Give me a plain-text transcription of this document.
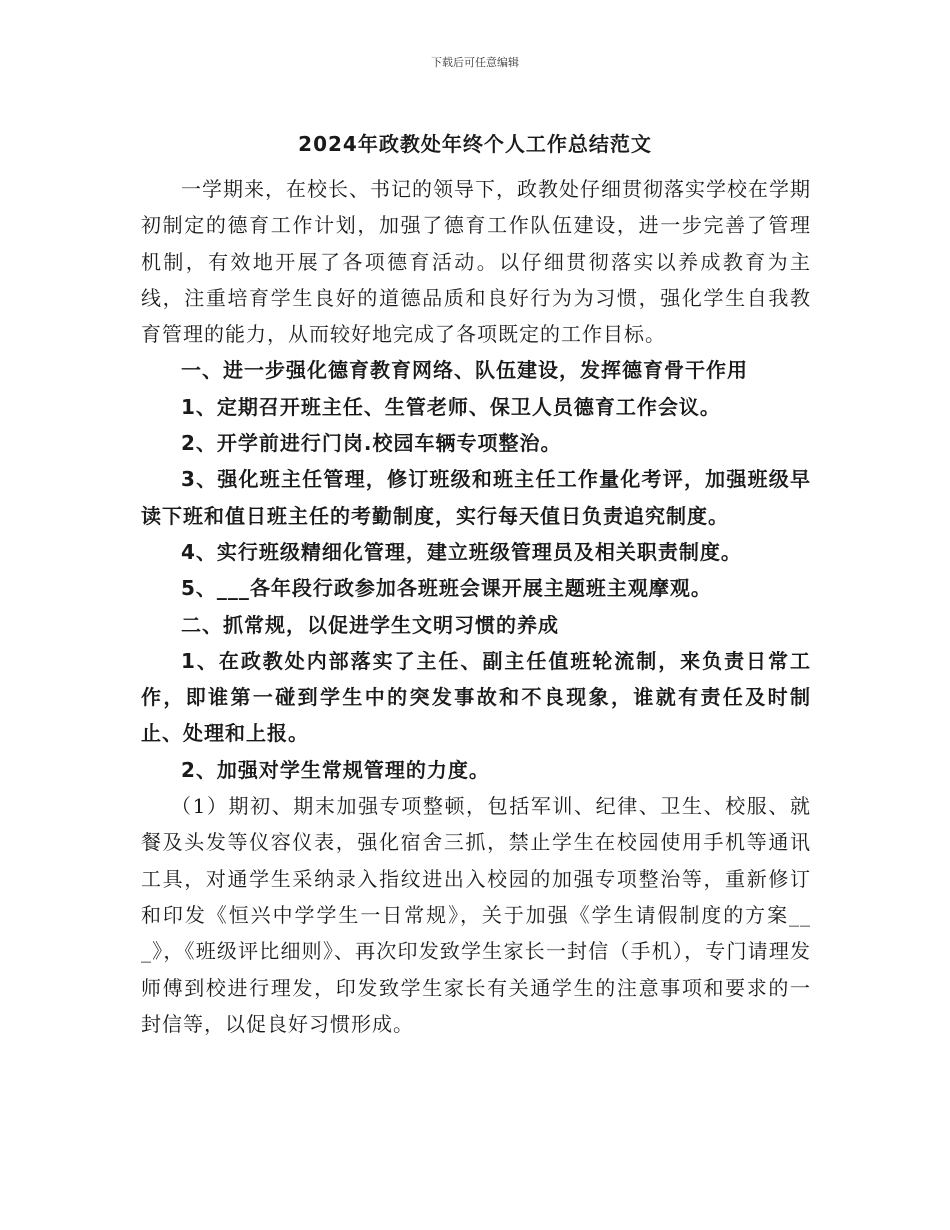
下载后可任意编辑
2024年政教处年终个人工作总结范文

一学期来，在校长、书记的领导下，政教处仔细贯彻落实学校在学期初制定的德育工作计划，加强了德育工作队伍建设，进一步完善了管理机制，有效地开展了各项德育活动。以仔细贯彻落实以养成教育为主线，注重培育学生良好的道德品质和良好行为为习惯，强化学生自我教育管理的能力，从而较好地完成了各项既定的工作目标。

一、进一步强化德育教育网络、队伍建设，发挥德育骨干作用

1、定期召开班主任、生管老师、保卫人员德育工作会议。

2、开学前进行门岗.校园车辆专项整治。

3、强化班主任管理，修订班级和班主任工作量化考评，加强班级早读下班和值日班主任的考勤制度，实行每天值日负责追究制度。

4、实行班级精细化管理，建立班级管理员及相关职责制度。

5、___各年段行政参加各班班会课开展主题班主观摩观。

二、抓常规，以促进学生文明习惯的养成

1、在政教处内部落实了主任、副主任值班轮流制，来负责日常工作，即谁第一碰到学生中的突发事故和不良现象，谁就有责任及时制止、处理和上报。

2、加强对学生常规管理的力度。

（1）期初、期末加强专项整顿，包括军训、纪律、卫生、校服、就餐及头发等仪容仪表，强化宿舍三抓，禁止学生在校园使用手机等通讯工具，对通学生采纳录入指纹进出入校园的加强专项整治等，重新修订和印发《恒兴中学学生一日常规》，关于加强《学生请假制度的方案___》，《班级评比细则》、再次印发致学生家长一封信（手机），专门请理发师傅到校进行理发，印发致学生家长有关通学生的注意事项和要求的一封信等，以促良好习惯形成。
